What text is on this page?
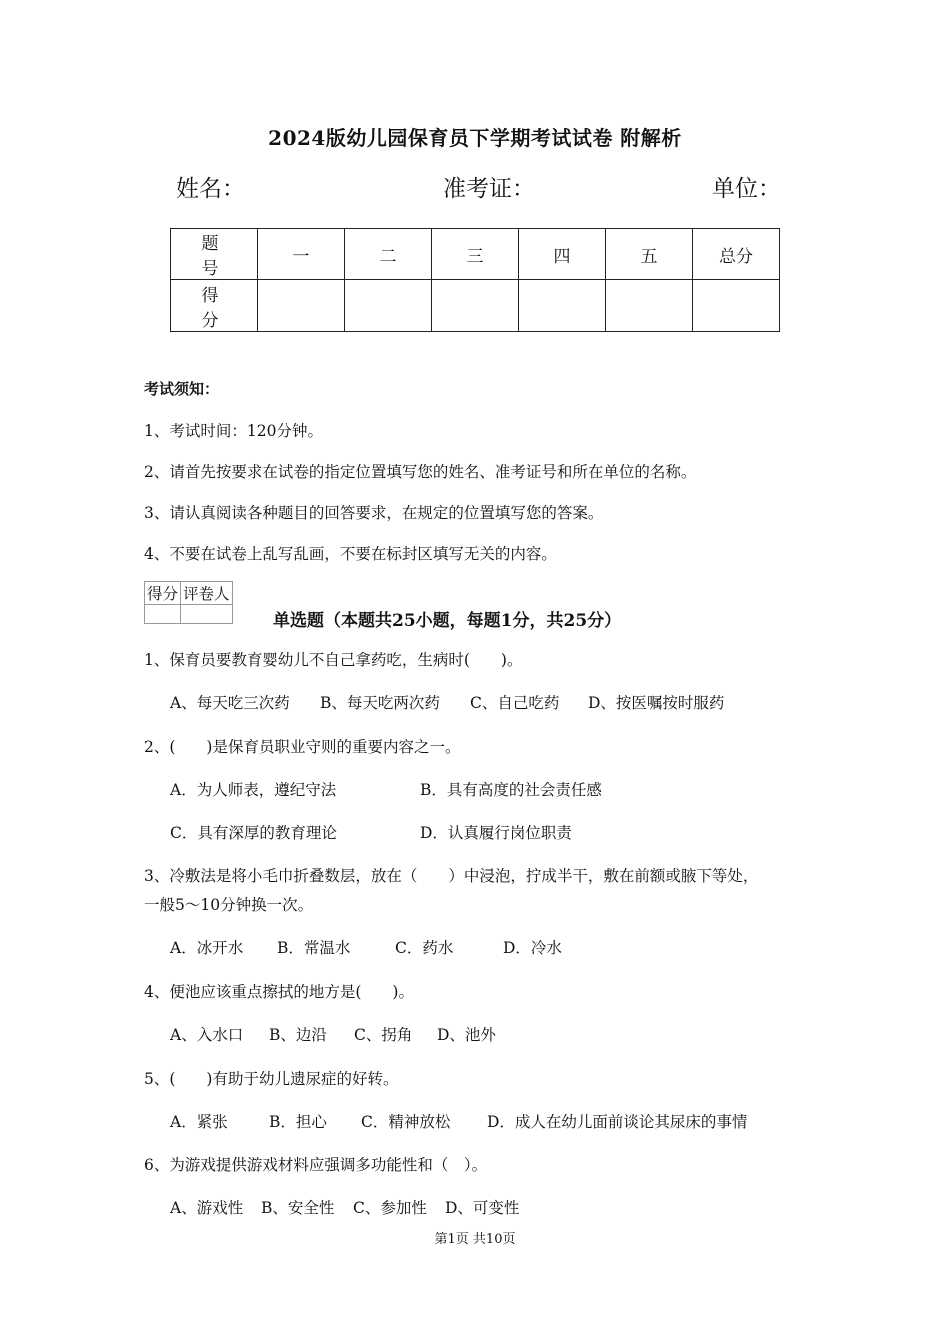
2024版幼儿园保育员下学期考试试卷 附解析
姓名：	准考证：	单位：
题 号	一	二	三	四	五	总分
得 分						
考试须知：
1、考试时间：120分钟。
2、请首先按要求在试卷的指定位置填写您的姓名、准考证号和所在单位的名称。
3、请认真阅读各种题目的回答要求，在规定的位置填写您的答案。
4、不要在试卷上乱写乱画，不要在标封区填写无关的内容。
得分	评卷人

单选题（本题共25小题，每题1分，共25分）
1、保育员要教育婴幼儿不自己拿药吃，生病时(　　)。
A、每天吃三次药 B、每天吃两次药 C、自己吃药 D、按医嘱按时服药
2、(　　)是保育员职业守则的重要内容之一。
A．为人师表，遵纪守法	B．具有高度的社会责任感
C．具有深厚的教育理论	D．认真履行岗位职责
3、冷敷法是将小毛巾折叠数层，放在（　　）中浸泡，拧成半干，敷在前额或腋下等处，
一般5～10分钟换一次。
A．冰开水 B．常温水	C．药水	D．冷水
4、便池应该重点擦拭的地方是(　　)。
A、入水口 B、边沿 C、拐角 D、池外
5、(　　)有助于幼儿遗尿症的好转。
A．紧张	B．担心 C．精神放松 D．成人在幼儿面前谈论其尿床的事情
6、为游戏提供游戏材料应强调多功能性和（　）。
A、游戏性 B、安全性 C、参加性 D、可变性
第1页 共10页
